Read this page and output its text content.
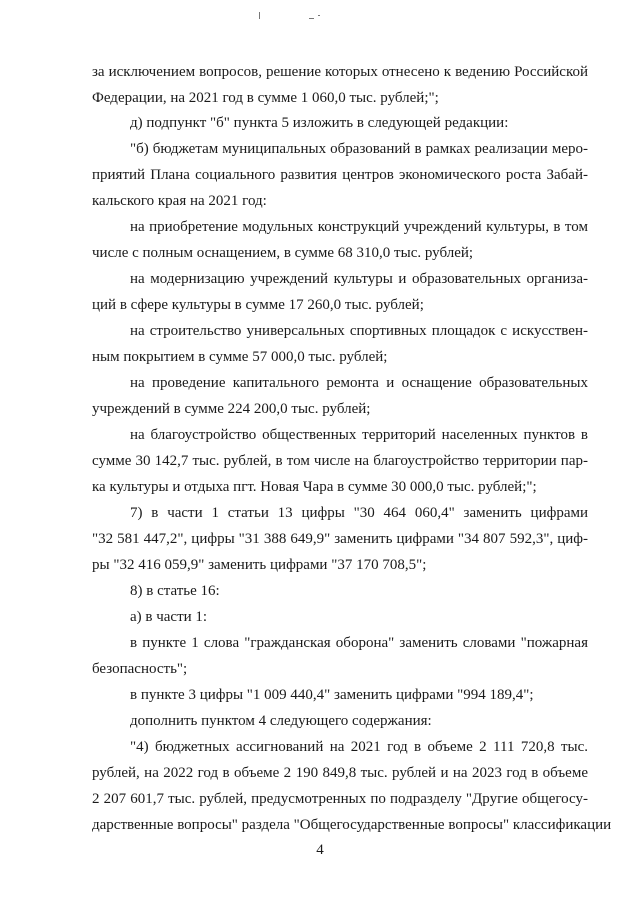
за исключением вопросов, решение которых отнесено к ведению Российской
Федерации, на 2021 год в сумме 1 060,0 тыс. рублей;";
д) подпункт "б" пункта 5 изложить в следующей редакции:
"б) бюджетам муниципальных образований в рамках реализации меро-
приятий Плана социального развития центров экономического роста Забай-
кальского края на 2021 год:
на приобретение модульных конструкций учреждений культуры, в том
числе с полным оснащением, в сумме 68 310,0 тыс. рублей;
на модернизацию учреждений культуры и образовательных организа-
ций в сфере культуры в сумме 17 260,0 тыс. рублей;
на строительство универсальных спортивных площадок с искусствен-
ным покрытием в сумме 57 000,0 тыс. рублей;
на проведение капитального ремонта и оснащение образовательных
учреждений в сумме 224 200,0 тыс. рублей;
на благоустройство общественных территорий населенных пунктов в
сумме 30 142,7 тыс. рублей, в том числе на благоустройство территории пар-
ка культуры и отдыха пгт. Новая Чара в сумме 30 000,0 тыс. рублей;";
7) в части 1 статьи 13 цифры "30 464 060,4" заменить цифрами
"32 581 447,2", цифры "31 388 649,9" заменить цифрами "34 807 592,3", циф-
ры "32 416 059,9" заменить цифрами "37 170 708,5";
8) в статье 16:
а) в части 1:
в пункте 1 слова "гражданская оборона" заменить словами "пожарная
безопасность";
в пункте 3 цифры "1 009 440,4" заменить цифрами "994 189,4";
дополнить пунктом 4 следующего содержания:
"4) бюджетных ассигнований на 2021 год в объеме 2 111 720,8 тыс.
рублей, на 2022 год в объеме 2 190 849,8 тыс. рублей и на 2023 год в объеме
2 207 601,7 тыс. рублей, предусмотренных по подразделу "Другие общегосу-
дарственные вопросы" раздела "Общегосударственные вопросы" классификации
4
